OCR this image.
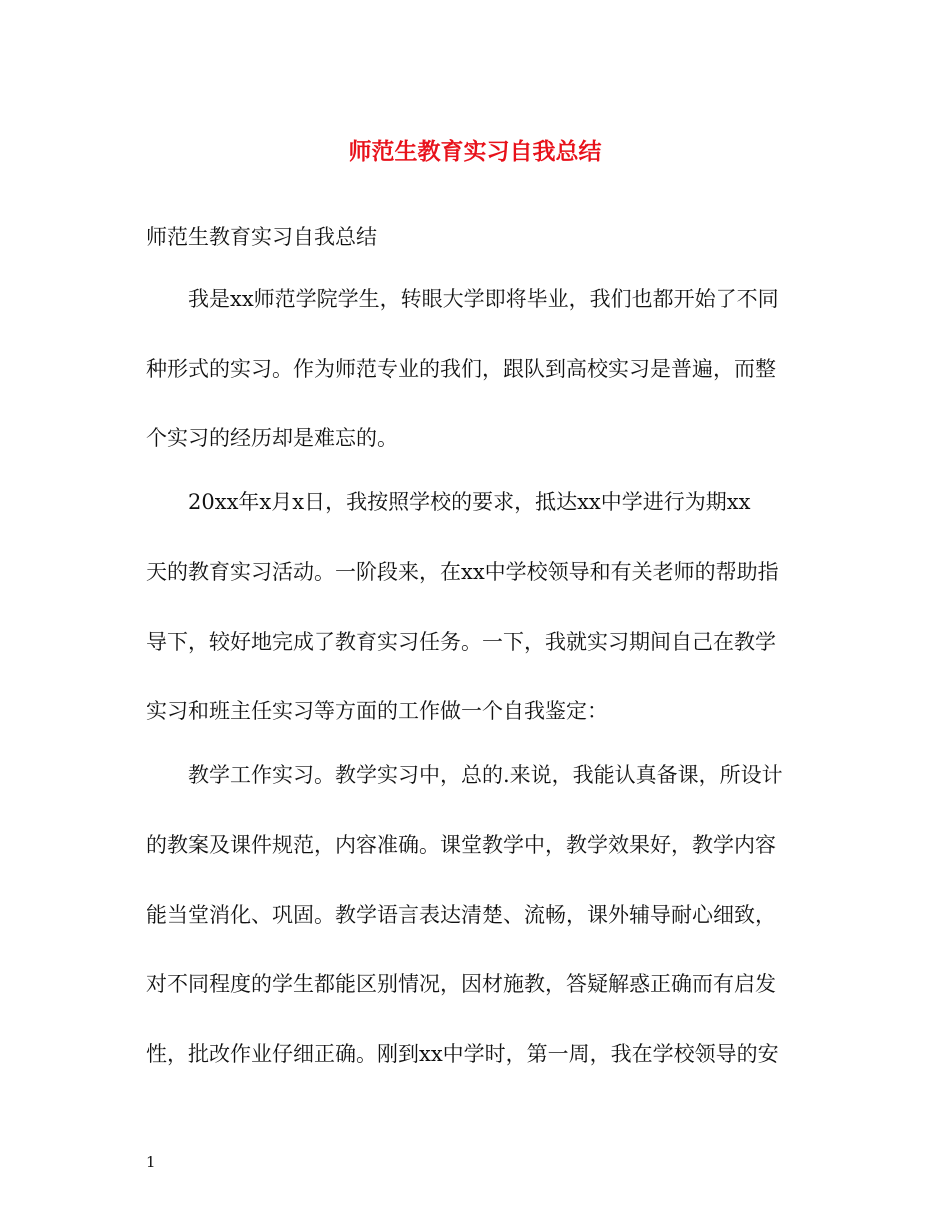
师范生教育实习自我总结
师范生教育实习自我总结
我是xx师范学院学生，转眼大学即将毕业，我们也都开始了不同
种形式的实习。作为师范专业的我们，跟队到高校实习是普遍，而整
个实习的经历却是难忘的。
20xx年x月x日，我按照学校的要求，抵达xx中学进行为期xx
天的教育实习活动。一阶段来，在xx中学校领导和有关老师的帮助指
导下，较好地完成了教育实习任务。一下，我就实习期间自己在教学
实习和班主任实习等方面的工作做一个自我鉴定：
教学工作实习。教学实习中，总的.来说，我能认真备课，所设计
的教案及课件规范，内容准确。课堂教学中，教学效果好，教学内容
能当堂消化、巩固。教学语言表达清楚、流畅，课外辅导耐心细致，
对不同程度的学生都能区别情况，因材施教，答疑解惑正确而有启发
性，批改作业仔细正确。刚到xx中学时，第一周，我在学校领导的安
1
